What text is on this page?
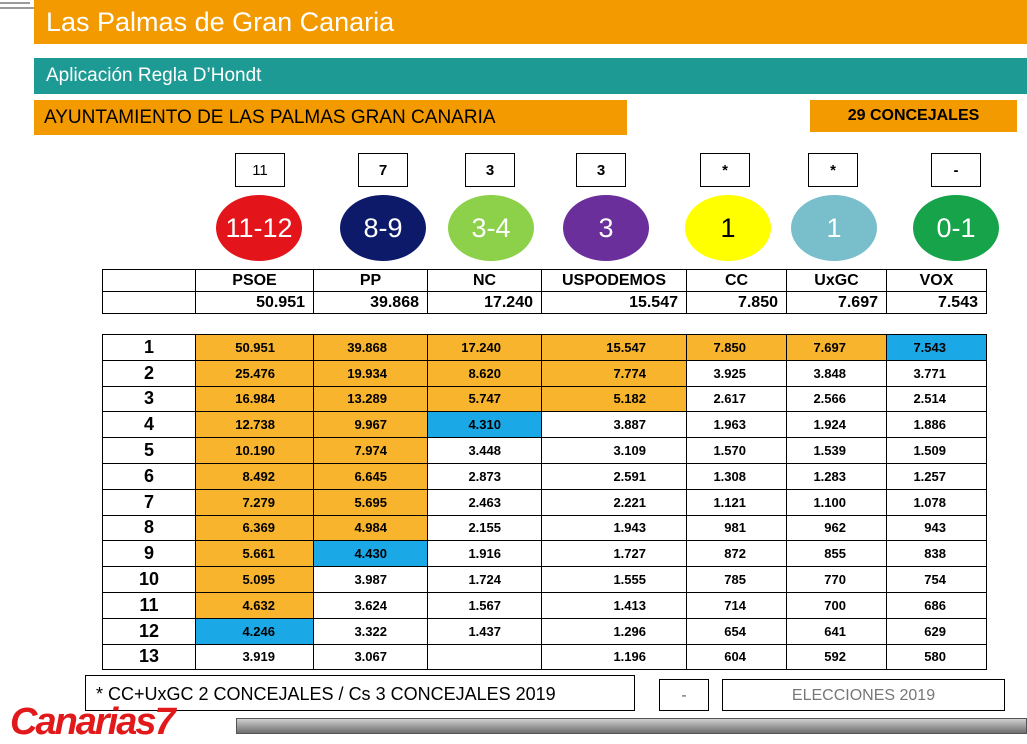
Las Palmas de Gran Canaria
Aplicación Regla D’Hondt
AYUNTAMIENTO DE LAS PALMAS GRAN CANARIA	29 CONCEJALES
11	7	3	3	*	*	-
11-12	8-9	3-4	3	1	1	0-1
	PSOE	PP	NC	USPODEMOS	CC	UxGC	VOX
	50.951	39.868	17.240	15.547	7.850	7.697	7.543
1	50.951	39.868	17.240	15.547	7.850	7.697	7.543
2	25.476	19.934	8.620	7.774	3.925	3.848	3.771
3	16.984	13.289	5.747	5.182	2.617	2.566	2.514
4	12.738	9.967	4.310	3.887	1.963	1.924	1.886
5	10.190	7.974	3.448	3.109	1.570	1.539	1.509
6	8.492	6.645	2.873	2.591	1.308	1.283	1.257
7	7.279	5.695	2.463	2.221	1.121	1.100	1.078
8	6.369	4.984	2.155	1.943	981	962	943
9	5.661	4.430	1.916	1.727	872	855	838
10	5.095	3.987	1.724	1.555	785	770	754
11	4.632	3.624	1.567	1.413	714	700	686
12	4.246	3.322	1.437	1.296	654	641	629
13	3.919	3.067		1.196	604	592	580
* CC+UxGC 2 CONCEJALES / Cs 3 CONCEJALES 2019	-	ELECCIONES 2019
Canarias7
